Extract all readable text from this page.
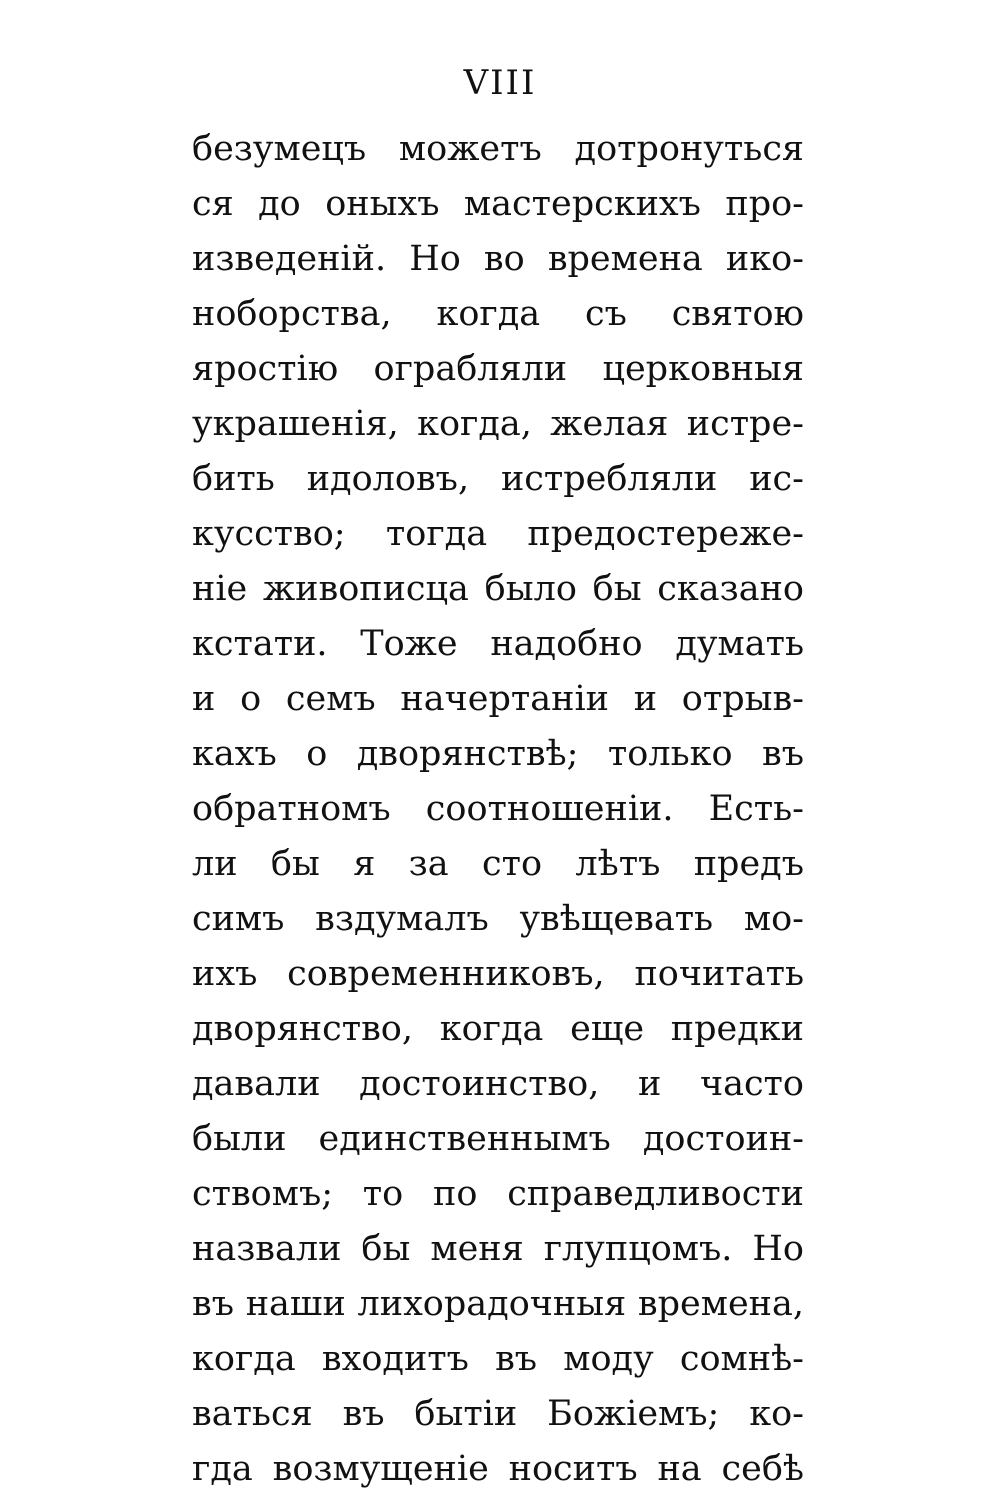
VIII
безумецъ можетъ дотронуться
ся до оныхъ мастерскихъ про-
изведеній. Но во времена ико-
ноборства, когда съ святою
яростію ограбляли церковныя
украшенія, когда, желая истре-
бить идоловъ, истребляли ис-
кусство; тогда предостереже-
ніе живописца было бы сказано
кстати. Тоже надобно думать
и о семъ начертаніи и отрыв-
кахъ о дворянствѣ; только въ
обратномъ соотношеніи. Есть-
ли бы я за сто лѣтъ предъ
симъ вздумалъ увѣщевать мо-
ихъ современниковъ, почитать
дворянство, когда еще предки
давали достоинство, и часто
были единственнымъ достоин-
ствомъ; то по справедливости
назвали бы меня глупцомъ. Но
въ наши лихорадочныя времена,
когда входитъ въ моду сомнѣ-
ваться въ бытіи Божіемъ; ко-
гда возмущеніе носитъ на себѣ
